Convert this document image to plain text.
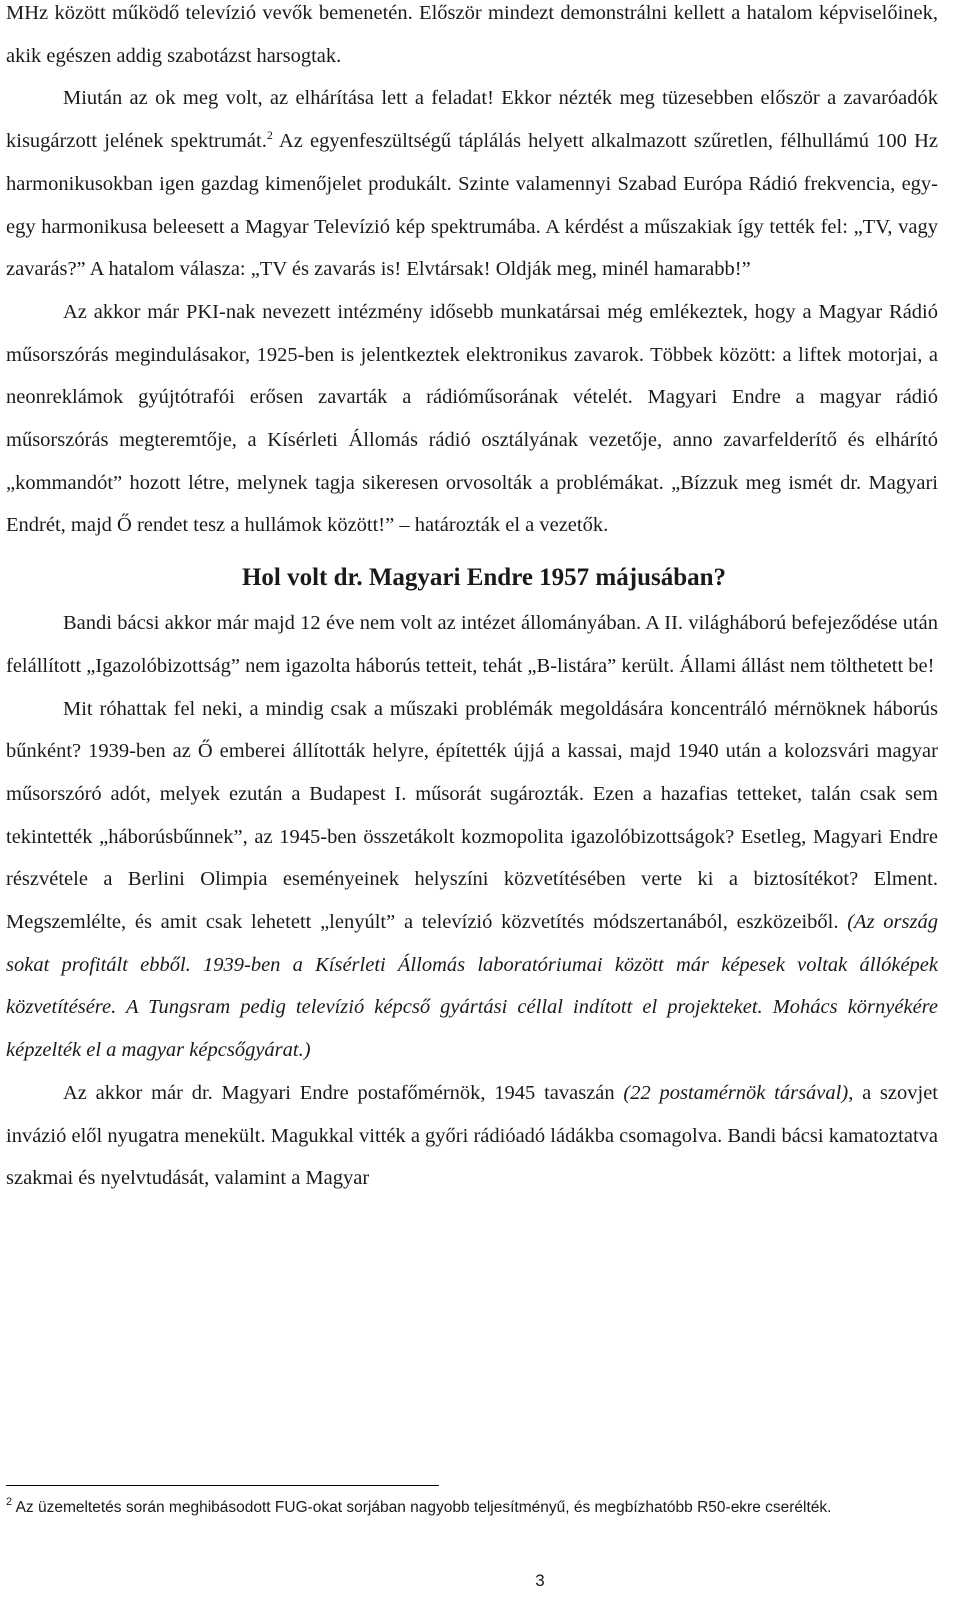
MHz között működő televízió vevők bemenetén. Először mindezt demonstrálni kellett a hatalom képviselőinek, akik egészen addig szabotázst harsogtak.

Miután az ok meg volt, az elhárítása lett a feladat! Ekkor nézték meg tüzesebben először a zavaróadók kisugárzott jelének spektrumát.$^2$ Az egyenfeszültségű táplálás helyett alkalmazott szűretlen, félhullámú 100 Hz harmonikusokban igen gazdag kimenőjelet produkált. Szinte valamennyi Szabad Európa Rádió frekvencia, egy-egy harmonikusa beleesett a Magyar Televízió kép spektrumába. A kérdést a műszakiak így tették fel: „TV, vagy zavarás?” A hatalom válasza: „TV és zavarás is! Elvtársak! Oldják meg, minél hamarabb!”

Az akkor már PKI-nak nevezett intézmény idősebb munkatársai még emlékeztek, hogy a Magyar Rádió műsorszórás megindulásakor, 1925-ben is jelentkeztek elektronikus zavarok. Többek között: a liftek motorjai, a neonreklámok gyújtótrafói erősen zavarták a rádióműsorának vételét. Magyari Endre a magyar rádió műsorszórás megteremtője, a Kísérleti Állomás rádió osztályának vezetője, anno zavarfelderítő és elhárító „kommandót” hozott létre, melynek tagja sikeresen orvosolták a problémákat. „Bízzuk meg ismét dr. Magyari Endrét, majd Ő rendet tesz a hullámok között!” – határozták el a vezetők.

Hol volt dr. Magyari Endre 1957 májusában?

Bandi bácsi akkor már majd 12 éve nem volt az intézet állományában. A II. világháború befejeződése után felállított „Igazolóbizottság” nem igazolta háborús tetteit, tehát „B-listára” került. Állami állást nem tölthetett be!

Mit róhattak fel neki, a mindig csak a műszaki problémák megoldására koncentráló mérnöknek háborús bűnként? 1939-ben az Ő emberei állították helyre, építették újjá a kassai, majd 1940 után a kolozsvári magyar műsorszóró adót, melyek ezután a Budapest I. műsorát sugározták. Ezen a hazafias tetteket, talán csak sem tekintették „háborúsbűnnek”, az 1945-ben összetákolt kozmopolita igazolóbizottságok? Esetleg, Magyari Endre részvétele a Berlini Olimpia eseményeinek helyszíni közvetítésében verte ki a biztosítékot? Elment. Megszemlélte, és amit csak lehetett „lenyúlt” a televízió közvetítés módszertanából, eszközeiből. (Az ország sokat profitált ebből. 1939-ben a Kísérleti Állomás laboratóriumai között már képesek voltak állóképek közvetítésére. A Tungsram pedig televízió képcső gyártási céllal indított el projekteket. Mohács környékére képzelték el a magyar képcsőgyárat.)

Az akkor már dr. Magyari Endre postafőmérnök, 1945 tavaszán (22 postamérnök társával), a szovjet invázió elől nyugatra menekült. Magukkal vitték a győri rádióadó ládákba csomagolva. Bandi bácsi kamatoztatva szakmai és nyelvtudását, valamint a Magyar

$^2$ Az üzemeltetés során meghibásodott FUG-okat sorjában nagyobb teljesítményű, és megbízhatóbb R50-ekre cserélték.

3
